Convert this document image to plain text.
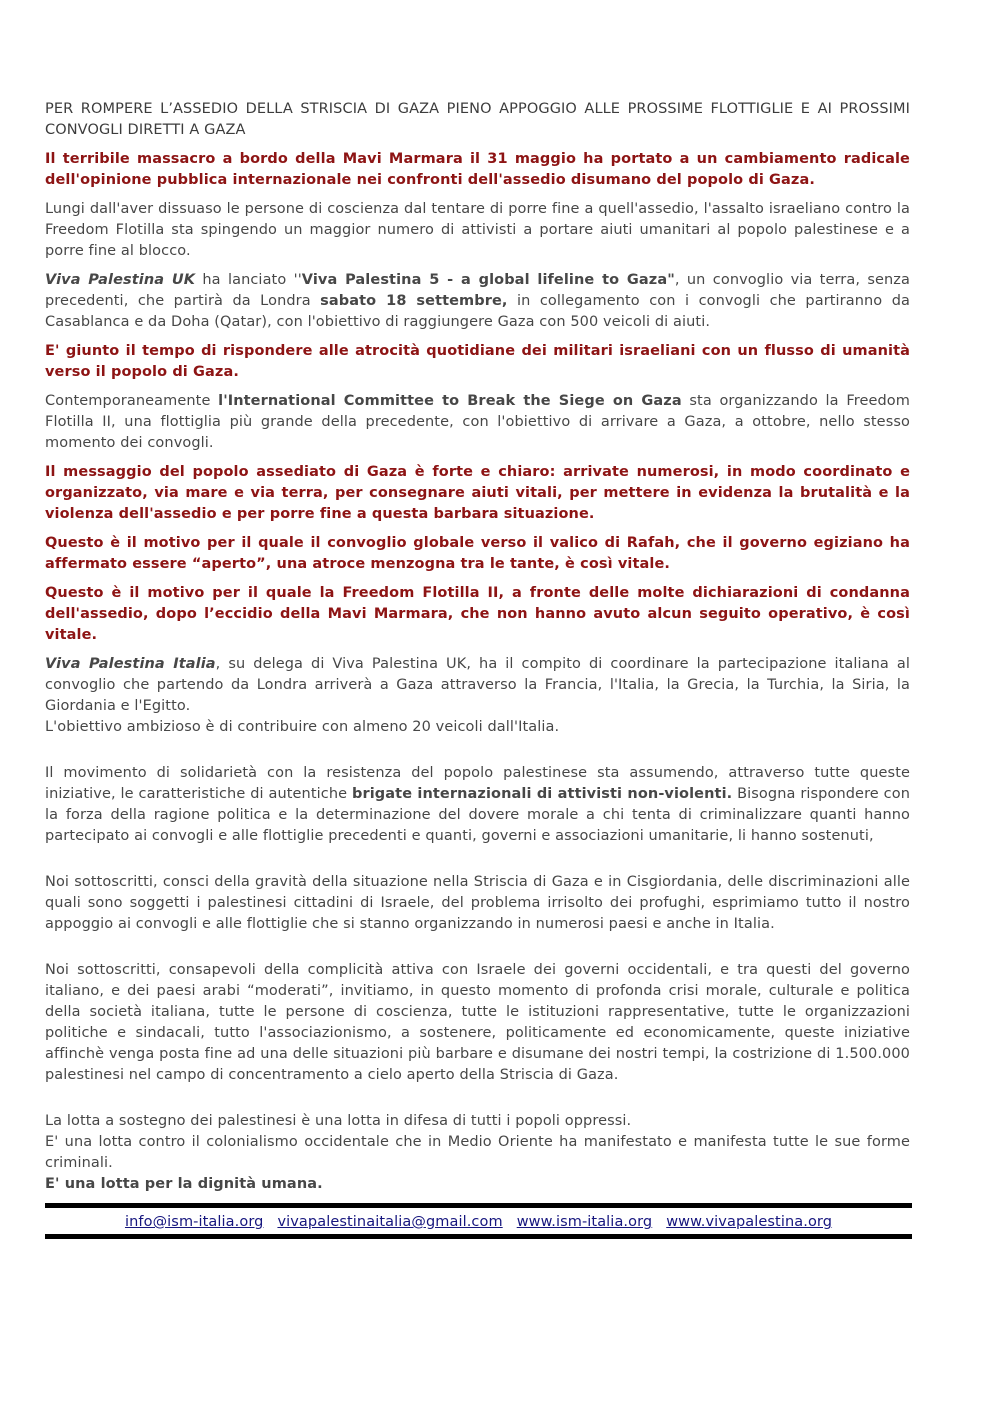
PER ROMPERE L’ASSEDIO DELLA STRISCIA DI GAZA PIENO APPOGGIO ALLE PROSSIME FLOTTIGLIE E AI PROSSIMI CONVOGLI DIRETTI A GAZA

Il terribile massacro a bordo della Mavi Marmara il 31 maggio ha portato a un cambiamento radicale dell'opinione pubblica internazionale nei confronti dell'assedio disumano del popolo di Gaza.

Lungi dall'aver dissuaso le persone di coscienza dal tentare di porre fine a quell'assedio, l'assalto israeliano contro la Freedom Flotilla sta spingendo un maggior numero di attivisti a portare aiuti umanitari al popolo palestinese e a porre fine al blocco.

Viva Palestina UK ha lanciato ''Viva Palestina 5 - a global lifeline to Gaza", un convoglio via terra, senza precedenti, che partirà da Londra sabato 18 settembre, in collegamento con i convogli che partiranno da Casablanca e da Doha (Qatar), con l'obiettivo di raggiungere Gaza con 500 veicoli di aiuti.

E' giunto il tempo di rispondere alle atrocità quotidiane dei militari israeliani con un flusso di umanità verso il popolo di Gaza.

Contemporaneamente l'International Committee to Break the Siege on Gaza sta organizzando la Freedom Flotilla II, una flottiglia più grande della precedente, con l'obiettivo di arrivare a Gaza, a ottobre, nello stesso momento dei convogli.

Il messaggio del popolo assediato di Gaza è forte e chiaro: arrivate numerosi, in modo coordinato e organizzato, via mare e via terra, per consegnare aiuti vitali, per mettere in evidenza la brutalità e la violenza dell'assedio e per porre fine a questa barbara situazione.

Questo è il motivo per il quale il convoglio globale verso il valico di Rafah, che il governo egiziano ha affermato essere “aperto”, una atroce menzogna tra le tante, è così vitale.

Questo è il motivo per il quale la Freedom Flotilla II, a fronte delle molte dichiarazioni di condanna dell'assedio, dopo l’eccidio della Mavi Marmara, che non hanno avuto alcun seguito operativo, è così vitale.

Viva Palestina Italia, su delega di Viva Palestina UK, ha il compito di coordinare la partecipazione italiana al convoglio che partendo da Londra arriverà a Gaza attraverso la Francia, l'Italia, la Grecia, la Turchia, la Siria, la Giordania e l'Egitto.
L'obiettivo ambizioso è di contribuire con almeno 20 veicoli dall'Italia.

Il movimento di solidarietà con la resistenza del popolo palestinese sta assumendo, attraverso tutte queste iniziative, le caratteristiche di autentiche brigate internazionali di attivisti non-violenti. Bisogna rispondere con la forza della ragione politica e la determinazione del dovere morale a chi tenta di criminalizzare quanti hanno partecipato ai convogli e alle flottiglie precedenti e quanti, governi e associazioni umanitarie, li hanno sostenuti,

Noi sottoscritti, consci della gravità della situazione nella Striscia di Gaza e in Cisgiordania, delle discriminazioni alle quali sono soggetti i palestinesi cittadini di Israele, del problema irrisolto dei profughi, esprimiamo tutto il nostro appoggio ai convogli e alle flottiglie che si stanno organizzando in numerosi paesi e anche in Italia.

Noi sottoscritti, consapevoli della complicità attiva con Israele dei governi occidentali, e tra questi del governo italiano, e dei paesi arabi “moderati”, invitiamo, in questo momento di profonda crisi morale, culturale e politica della società italiana, tutte le persone di coscienza, tutte le istituzioni rappresentative, tutte le organizzazioni politiche e sindacali, tutto l'associazionismo, a sostenere, politicamente ed economicamente, queste iniziative affinchè venga posta fine ad una delle situazioni più barbare e disumane dei nostri tempi, la costrizione di 1.500.000 palestinesi nel campo di concentramento a cielo aperto della Striscia di Gaza.

La lotta a sostegno dei palestinesi è una lotta in difesa di tutti i popoli oppressi.
E' una lotta contro il colonialismo occidentale che in Medio Oriente ha manifestato e manifesta tutte le sue forme criminali.
E' una lotta per la dignità umana.
info@ism-italia.org vivapalestinaitalia@gmail.com www.ism-italia.org www.vivapalestina.org
